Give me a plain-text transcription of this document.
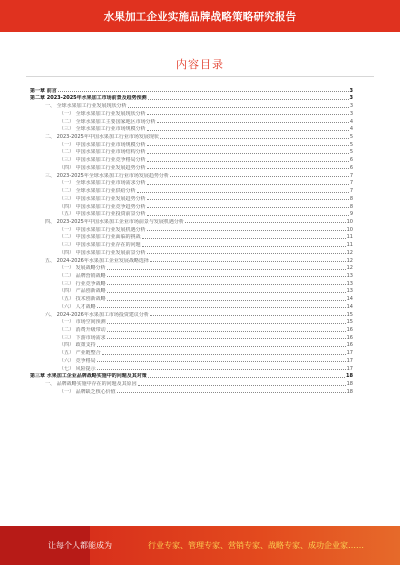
水果加工企业实施品牌战略策略研究报告
内容目录
第一章 前言	3
第二章 2023-2025年水果加工市场前景及趋势预测	3
一、 全球水果加工行业发展现状分析	3
（一） 全球水果加工行业发展现状分析	3
（二） 全球水果加工主要国家地区市场分析	4
（三） 全球水果加工行业市场规模分析	4
二、 2023-2025年中国水果加工行业市场发展现状	5
（一） 中国水果加工行业市场规模分析	5
（二） 中国水果加工行业市场结构分析	5
（三） 中国水果加工行业竞争格局分析	6
（四） 中国水果加工行业发展趋势分析	6
三、 2023-2025年全球水果加工行业市场发展趋势分析	7
（一） 全球水果加工行业市场需求分析	7
（二） 全球水果加工行业供给分析	7
（三） 中国水果加工行业发展趋势分析	8
（四） 中国水果加工行业竞争趋势分析	8
（五） 中国水果加工行业投资前景分析	9
四、 2023-2025年中国水果加工企业市场前景与发展机遇分析	10
（一） 中国水果加工行业发展机遇分析	10
（二） 中国水果加工行业面临的挑战	11
（三） 中国水果加工行业存在的问题	11
（四） 中国水果加工行业发展前景分析	12
五、 2024-2026年水果加工企业发展战略选择	12
（一） 发展战略分析	12
（二） 品牌营销战略	13
（三） 行业竞争战略	13
（四） 产品创新战略	13
（五） 技术创新战略	14
（六） 人才战略	14
六、 2024-2026年水果加工市场投资建议分析	15
（一） 市场空间预测	15
（二） 消费升级带动	16
（三） 下游市场需求	16
（四） 政策支持	16
（五） 产业链整合	17
（六） 竞争格局	17
（七） 风险提示	17
第三章 水果加工企业品牌战略实施中的问题及其对策	18
一、 品牌战略实施中存在的问题及其原因	18
（一） 品牌缺乏核心价值	18
让每个人都能成为	行业专家、管理专家、营销专家、战略专家、成功企业家……
